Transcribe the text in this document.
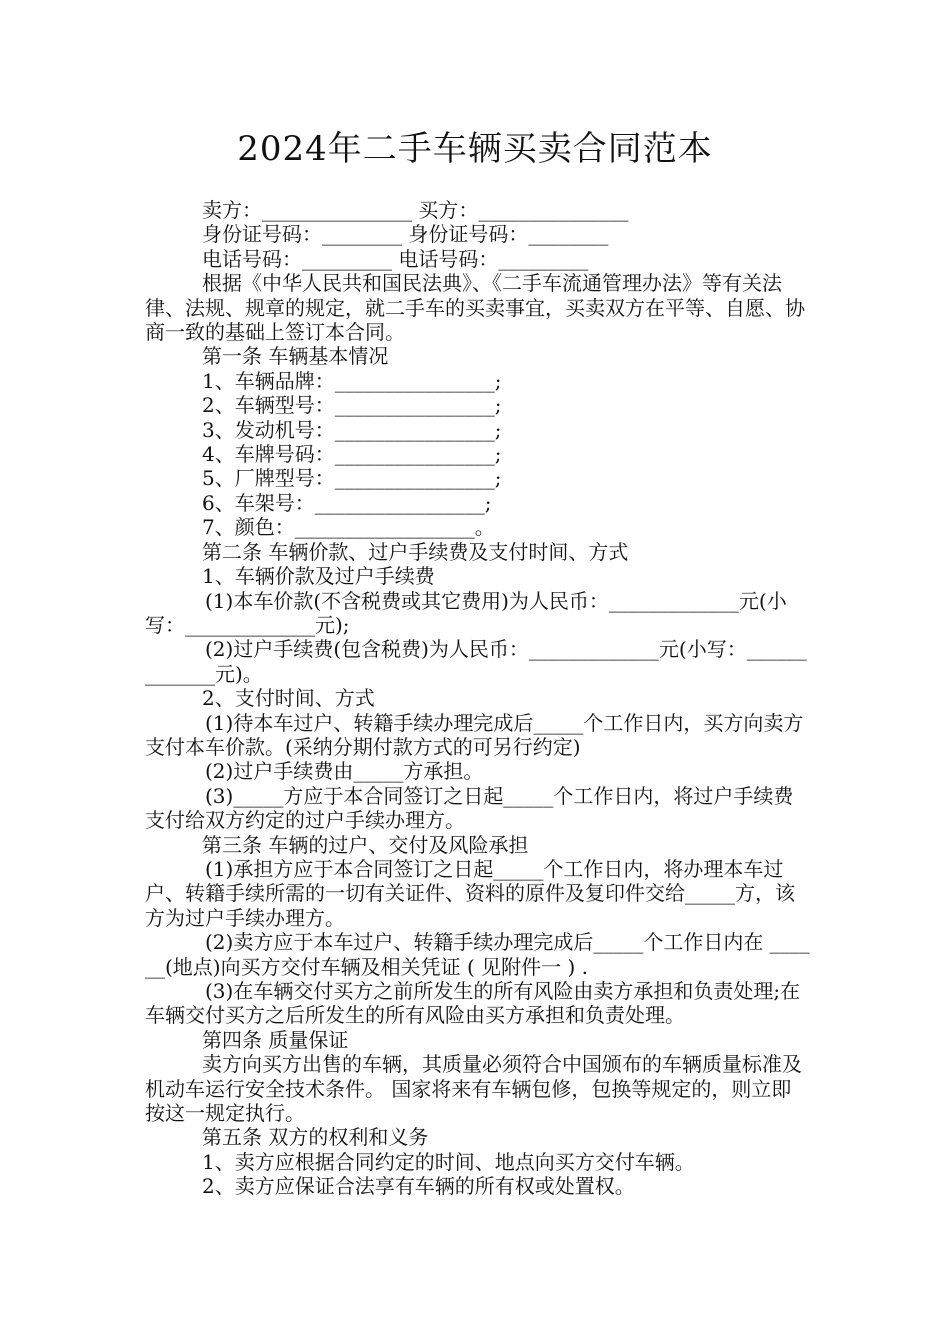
2024年二手车辆买卖合同范本

卖方：_______________ 买方：_______________

身份证号码：________ 身份证号码：________

电话号码：_________ 电话号码：_________

根据《中华人民共和国民法典》、《二手车流通管理办法》等有关法律、法规、规章的规定，就二手车的买卖事宜，买卖双方在平等、自愿、协商一致的基础上签订本合同。

第一条 车辆基本情况

1、车辆品牌：________________;

2、车辆型号：________________;

3、发动机号：________________;

4、车牌号码：________________;

5、厂牌型号：________________;

6、车架号：_________________;

7、颜色：__________________。

第二条 车辆价款、过户手续费及支付时间、方式

1、车辆价款及过户手续费

(1)本车价款(不含税费或其它费用)为人民币：_____________元(小写：_____________元);

(2)过户手续费(包含税费)为人民币：_____________元(小写：_____________元)。

2、支付时间、方式

(1)待本车过户、转籍手续办理完成后_____个工作日内，买方向卖方支付本车价款。(采纳分期付款方式的可另行约定)

(2)过户手续费由_____方承担。

(3)_____方应于本合同签订之日起_____个工作日内，将过户手续费支付给双方约定的过户手续办理方。

第三条 车辆的过户、交付及风险承担

(1)承担方应于本合同签订之日起_____个工作日内，将办理本车过户、转籍手续所需的一切有关证件、资料的原件及复印件交给_____方，该方为过户手续办理方。

(2)卖方应于本车过户、转籍手续办理完成后_____个工作日内在 ______(地点)向买方交付车辆及相关凭证 ( 见附件一 ) .

(3)在车辆交付买方之前所发生的所有风险由卖方承担和负责处理;在车辆交付买方之后所发生的所有风险由买方承担和负责处理。

第四条 质量保证

卖方向买方出售的车辆，其质量必须符合中国颁布的车辆质量标准及机动车运行安全技术条件。 国家将来有车辆包修，包换等规定的，则立即按这一规定执行。

第五条 双方的权利和义务

1、卖方应根据合同约定的时间、地点向买方交付车辆。

2、卖方应保证合法享有车辆的所有权或处置权。
